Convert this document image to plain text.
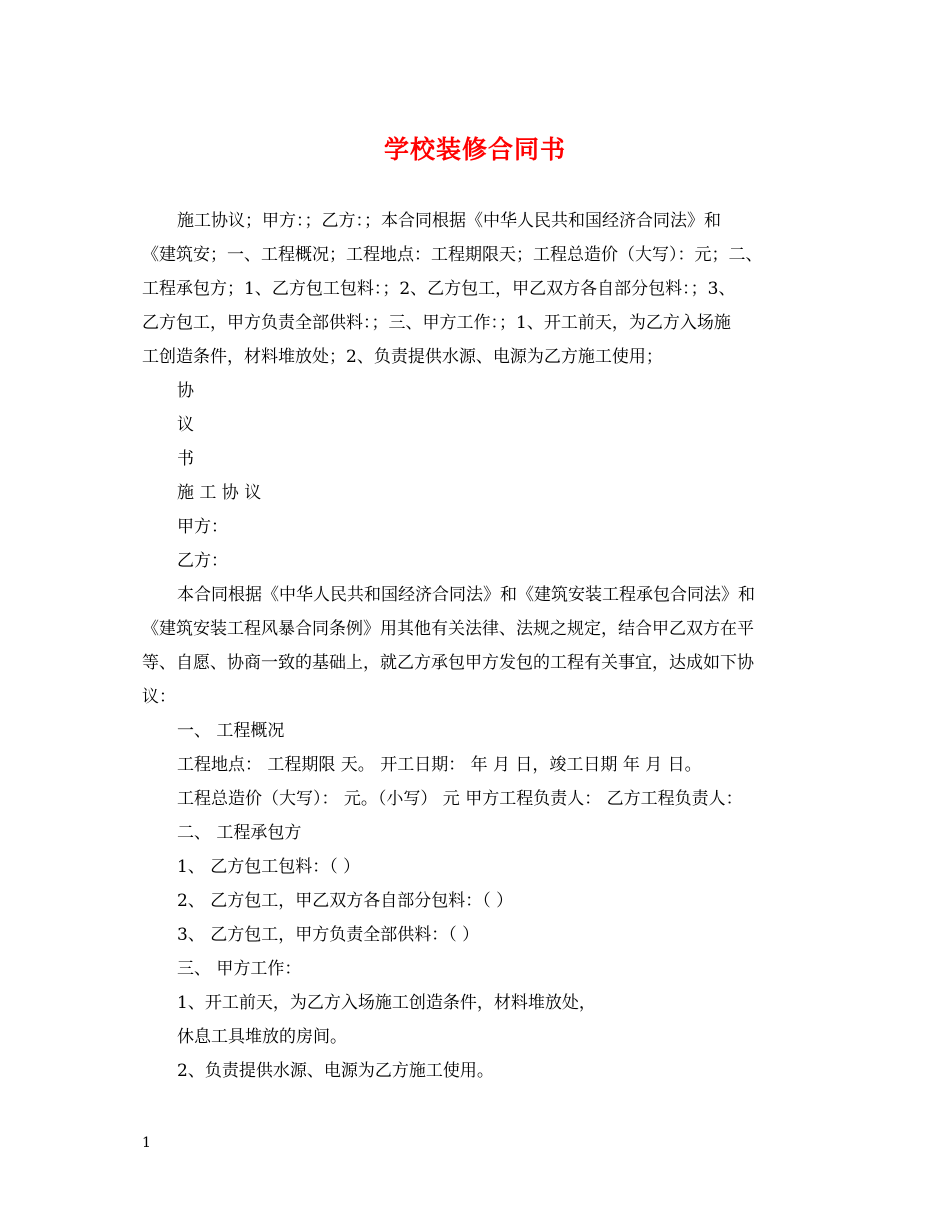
学校装修合同书

施工协议；甲方：；乙方：；本合同根据《中华人民共和国经济合同法》和

《建筑安；一、工程概况；工程地点：工程期限天；工程总造价（大写）：元；二、

工程承包方；1、乙方包工包料：；2、乙方包工，甲乙双方各自部分包料：；3、

乙方包工，甲方负责全部供料：；三、甲方工作：；1、开工前天，为乙方入场施

工创造条件，材料堆放处；2、负责提供水源、电源为乙方施工使用；

协

议

书

施 工 协 议

甲方：

乙方：

本合同根据《中华人民共和国经济合同法》和《建筑安装工程承包合同法》和

《建筑安装工程风暴合同条例》用其他有关法律、法规之规定，结合甲乙双方在平

等、自愿、协商一致的基础上，就乙方承包甲方发包的工程有关事宜，达成如下协

议：

一、 工程概况

工程地点： 工程期限 天。 开工日期： 年 月 日，竣工日期 年 月 日。

工程总造价（大写）： 元。（小写） 元 甲方工程负责人： 乙方工程负责人：

二、 工程承包方

1、 乙方包工包料：（ ）

2、 乙方包工，甲乙双方各自部分包料：（ ）

3、 乙方包工，甲方负责全部供料：（ ）

三、 甲方工作：

1、开工前天，为乙方入场施工创造条件，材料堆放处，

休息工具堆放的房间。

2、负责提供水源、电源为乙方施工使用。

1
